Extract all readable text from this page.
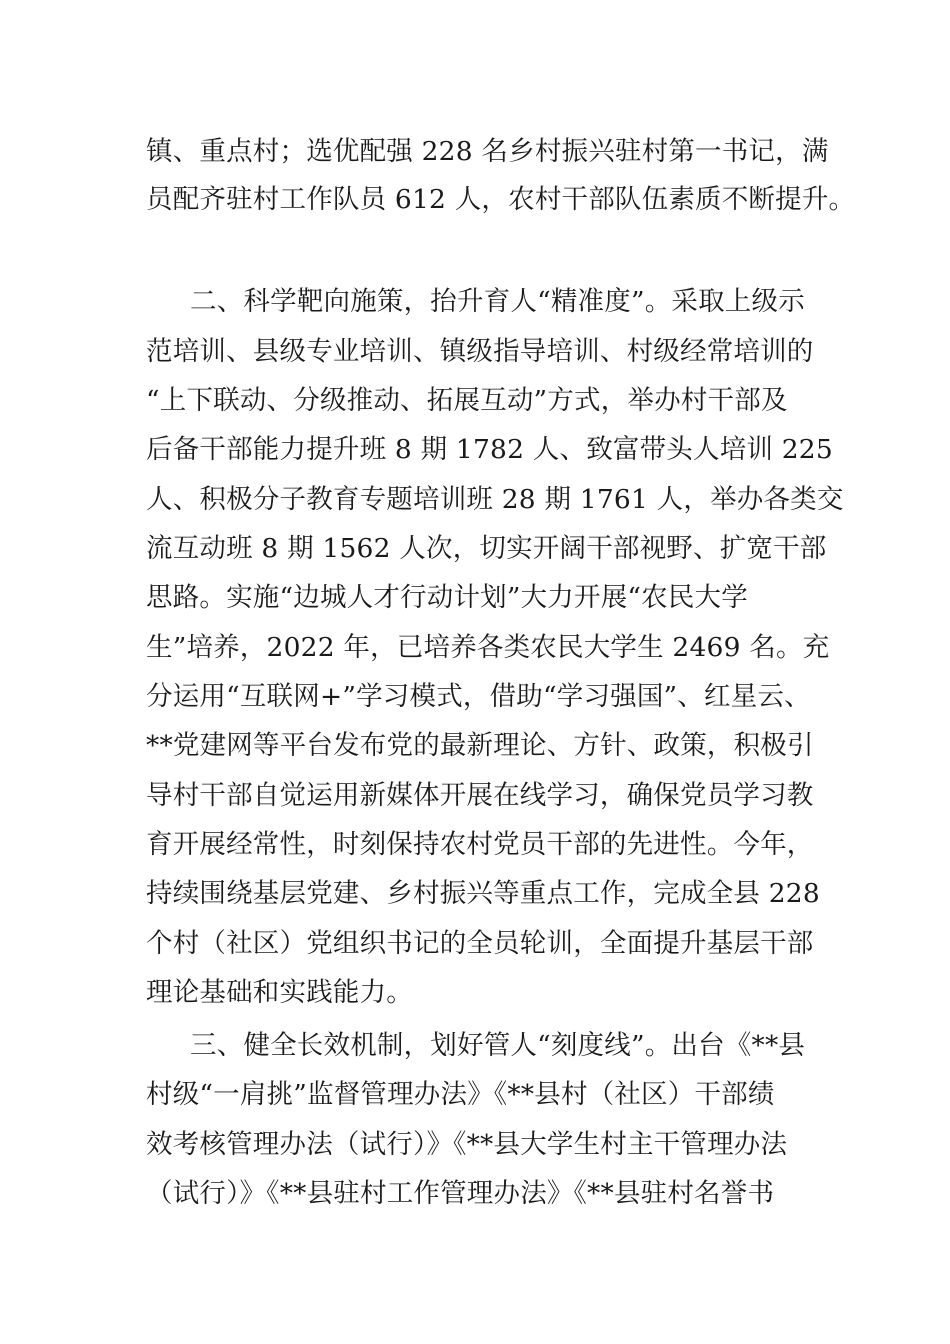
镇、重点村；选优配强 228 名乡村振兴驻村第一书记，满
员配齐驻村工作队员 612 人，农村干部队伍素质不断提升。
二、科学靶向施策，抬升育人“精准度”。采取上级示
范培训、县级专业培训、镇级指导培训、村级经常培训的
“上下联动、分级推动、拓展互动”方式，举办村干部及
后备干部能力提升班 8 期 1782 人、致富带头人培训 225
人、积极分子教育专题培训班 28 期 1761 人，举办各类交
流互动班 8 期 1562 人次，切实开阔干部视野、扩宽干部
思路。实施“边城人才行动计划”大力开展“农民大学
生”培养，2022 年，已培养各类农民大学生 2469 名。充
分运用“互联网+”学习模式，借助“学习强国”、红星云、
**党建网等平台发布党的最新理论、方针、政策，积极引
导村干部自觉运用新媒体开展在线学习，确保党员学习教
育开展经常性，时刻保持农村党员干部的先进性。今年，
持续围绕基层党建、乡村振兴等重点工作，完成全县 228
个村（社区）党组织书记的全员轮训，全面提升基层干部
理论基础和实践能力。
三、健全长效机制，划好管人“刻度线”。出台《**县
村级“一肩挑”监督管理办法》《**县村（社区）干部绩
效考核管理办法（试行）》《**县大学生村主干管理办法
（试行）》《**县驻村工作管理办法》《**县驻村名誉书
